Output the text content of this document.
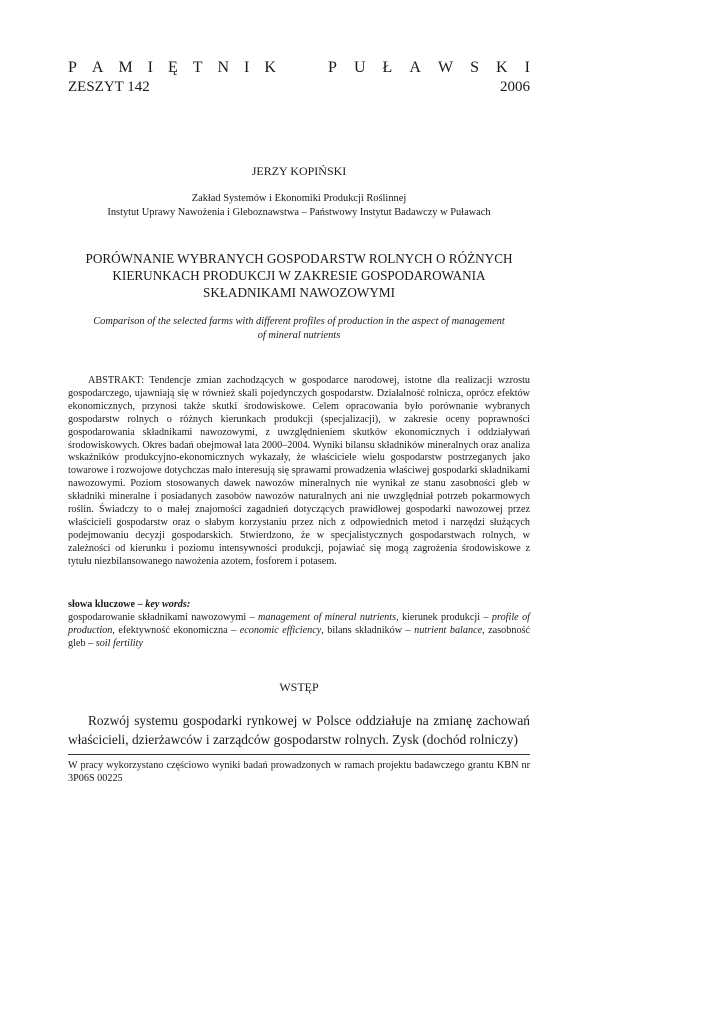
P A M I Ę T N I K	P U Ł A W S K I
ZESZYT 142	2006
JERZY KOPIŃSKI
Zakład Systemów i Ekonomiki Produkcji Roślinnej
Instytut Uprawy Nawożenia i Gleboznawstwa – Państwowy Instytut Badawczy w Puławach
PORÓWNANIE WYBRANYCH GOSPODARSTW ROLNYCH O RÓŻNYCH
KIERUNKACH PRODUKCJI W ZAKRESIE GOSPODAROWANIA
SKŁADNIKAMI NAWOZOWYMI
Comparison of the selected farms with different profiles of production in the aspect of management
of mineral nutrients

ABSTRAKT: Tendencje zmian zachodzących w gospodarce narodowej, istotne dla realizacji wzrostu gospodarczego, ujawniają się w również skali pojedynczych gospodarstw. Działalność rolnicza, oprócz efektów ekonomicznych, przynosi także skutki środowiskowe. Celem opracowania było porównanie wybranych gospodarstw rolnych o różnych kierunkach produkcji (specjalizacji), w zakresie oceny poprawności gospodarowania składnikami nawozowymi, z uwzględnieniem skutków ekonomicznych i oddziaływań środowiskowych. Okres badań obejmował lata 2000–2004. Wyniki bilansu składników mineralnych oraz analiza wskaźników produkcyjno-ekonomicznych wykazały, że właściciele wielu gospodarstw postrzeganych jako towarowe i rozwojowe dotychczas mało interesują się sprawami prowadzenia właściwej gospodarki składnikami nawozowymi. Poziom stosowanych dawek nawozów mineralnych nie wynikał ze stanu zasobności gleb w składniki mineralne i posiadanych zasobów nawozów naturalnych ani nie uwzględniał potrzeb pokarmowych roślin. Świadczy to o małej znajomości zagadnień dotyczących prawidłowej gospodarki nawozowej przez właścicieli gospodarstw oraz o słabym korzystaniu przez nich z odpowiednich metod i narzędzi służących podejmowaniu decyzji gospodarskich. Stwierdzono, że w specjalistycznych gospodarstwach rolnych, w zależności od kierunku i poziomu intensywności produkcji, pojawiać się mogą zagrożenia środowiskowe z tytułu niezbilansowanego nawożenia azotem, fosforem i potasem.

słowa kluczowe – key words:
gospodarowanie składnikami nawozowymi – management of mineral nutrients, kierunek produkcji – profile of production, efektywność ekonomiczna – economic efficiency, bilans składników – nutrient balance, zasobność gleb – soil fertility
WSTĘP

Rozwój systemu gospodarki rynkowej w Polsce oddziałuje na zmianę zachowań właścicieli, dzierżawców i zarządców gospodarstw rolnych. Zysk (dochód rolniczy)

W pracy wykorzystano częściowo wyniki badań prowadzonych w ramach projektu badawczego grantu KBN nr 3P06S 00225
